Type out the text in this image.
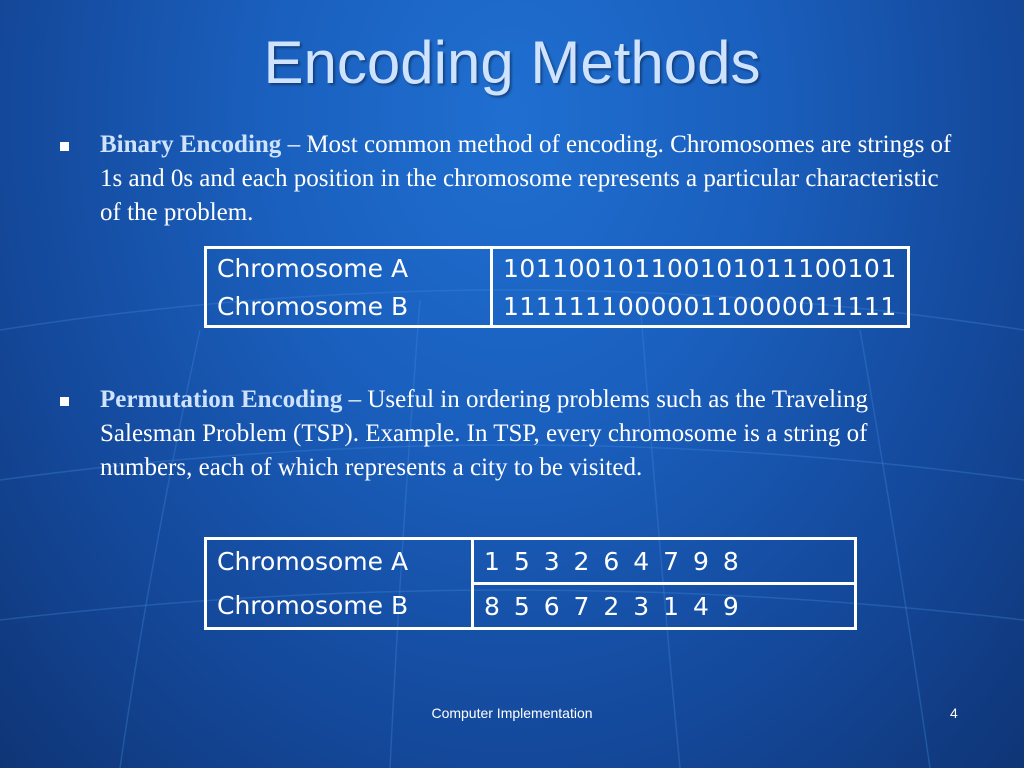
Encoding Methods
Binary Encoding – Most common method of encoding. Chromosomes are strings of 1s and 0s and each position in the chromosome represents a particular characteristic of the problem.
Chromosome A	101100101100101011100101
Chromosome B	111111100000110000011111
Permutation Encoding – Useful in ordering problems such as the Traveling Salesman Problem (TSP). Example. In TSP, every chromosome is a string of numbers, each of which represents a city to be visited.
Chromosome A	1 5 3 2 6 4 7 9 8
Chromosome B	8 5 6 7 2 3 1 4 9
Computer Implementation	4
